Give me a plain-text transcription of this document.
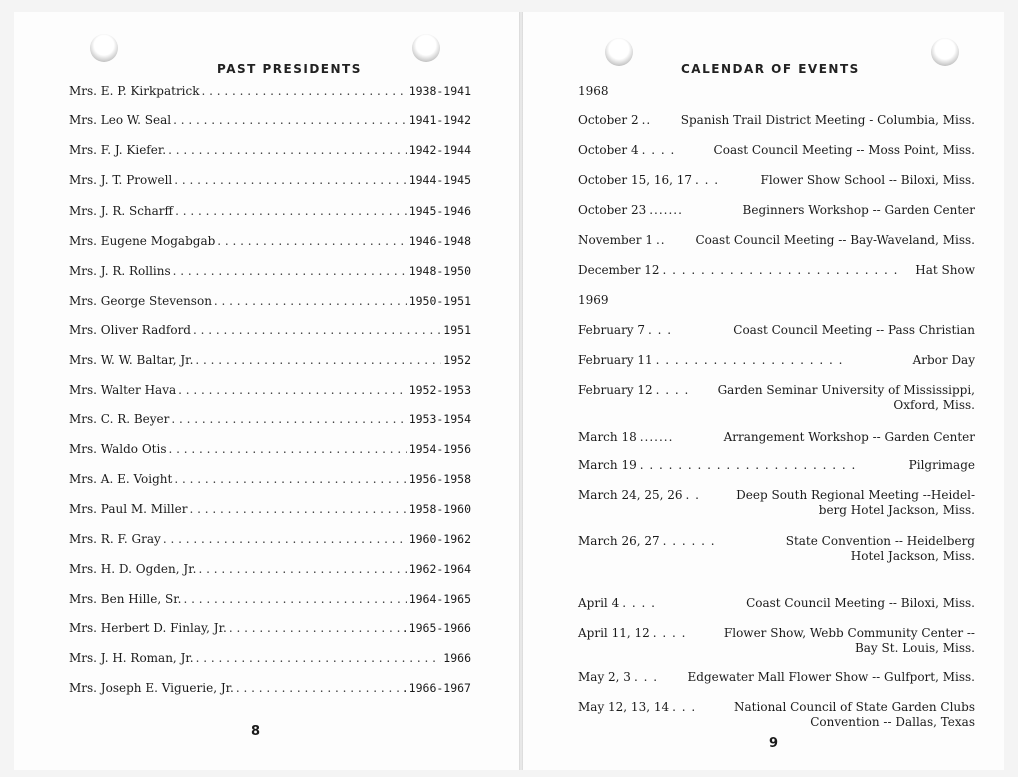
PAST PRESIDENTS
Mrs. E. P. Kirkpatrick . . .	1938-1941
Mrs. Leo W. Seal . . .	1941-1942
Mrs. F. J. Kiefer. . . .	1942-1944
Mrs. J. T. Prowell . . .	1944-1945
Mrs. J. R. Scharff . . .	1945-1946
Mrs. Eugene Mogabgab . . .	1946-1948
Mrs. J. R. Rollins . . .	1948-1950
Mrs. George Stevenson . . .	1950-1951
Mrs. Oliver Radford . . .	1951
Mrs. W. W. Baltar, Jr. . . .	1952
Mrs. Walter Hava . . .	1952-1953
Mrs. C. R. Beyer . . .	1953-1954
Mrs. Waldo Otis . . .	1954-1956
Mrs. A. E. Voight . . .	1956-1958
Mrs. Paul M. Miller . . .	1958-1960
Mrs. R. F. Gray . . .	1960-1962
Mrs. H. D. Ogden, Jr. . . .	1962-1964
Mrs. Ben Hille, Sr. . . .	1964-1965
Mrs. Herbert D. Finlay, Jr. . . .	.1965-1966
Mrs. J. H. Roman, Jr. . . .	1966
Mrs. Joseph E. Viguerie, Jr. . . .	.1966-1967
8
CALENDAR OF EVENTS
1968
1969
October 2 ..	Spanish Trail District Meeting - Columbia, Miss.
October 4 . . . .	Coast Council Meeting -- Moss Point, Miss.
October 15, 16, 17 . . .	Flower Show School -- Biloxi, Miss.
October 23 .......	Beginners Workshop -- Garden Center
November 1 ..	Coast Council Meeting -- Bay-Waveland, Miss.
December 12 . . . . . . . . . . . . . . . . . . . . . . . . .	Hat Show
February 7 . . .	Coast Council Meeting -- Pass Christian
February 11 . . . . . . . . . . . . . . . . . . . .	Arbor Day
February 12 . . . .	Garden Seminar University of Mississippi,
Oxford, Miss.
March 18 .......	Arrangement Workshop -- Garden Center
March 19 . . . . . . . . . . . . . . . . . . . . . . .	Pilgrimage
March 24, 25, 26 . .	Deep South Regional Meeting --Heidel-
berg Hotel Jackson, Miss.
March 26, 27 . . . . . .	State Convention -- Heidelberg
Hotel Jackson, Miss.
April 4 . . . .	Coast Council Meeting -- Biloxi, Miss.
April 11, 12 . . . .	Flower Show, Webb Community Center --
Bay St. Louis, Miss.
May 2, 3 . . .	Edgewater Mall Flower Show -- Gulfport, Miss.
May 12, 13, 14 . . .	National Council of State Garden Clubs
Convention -- Dallas, Texas
9
